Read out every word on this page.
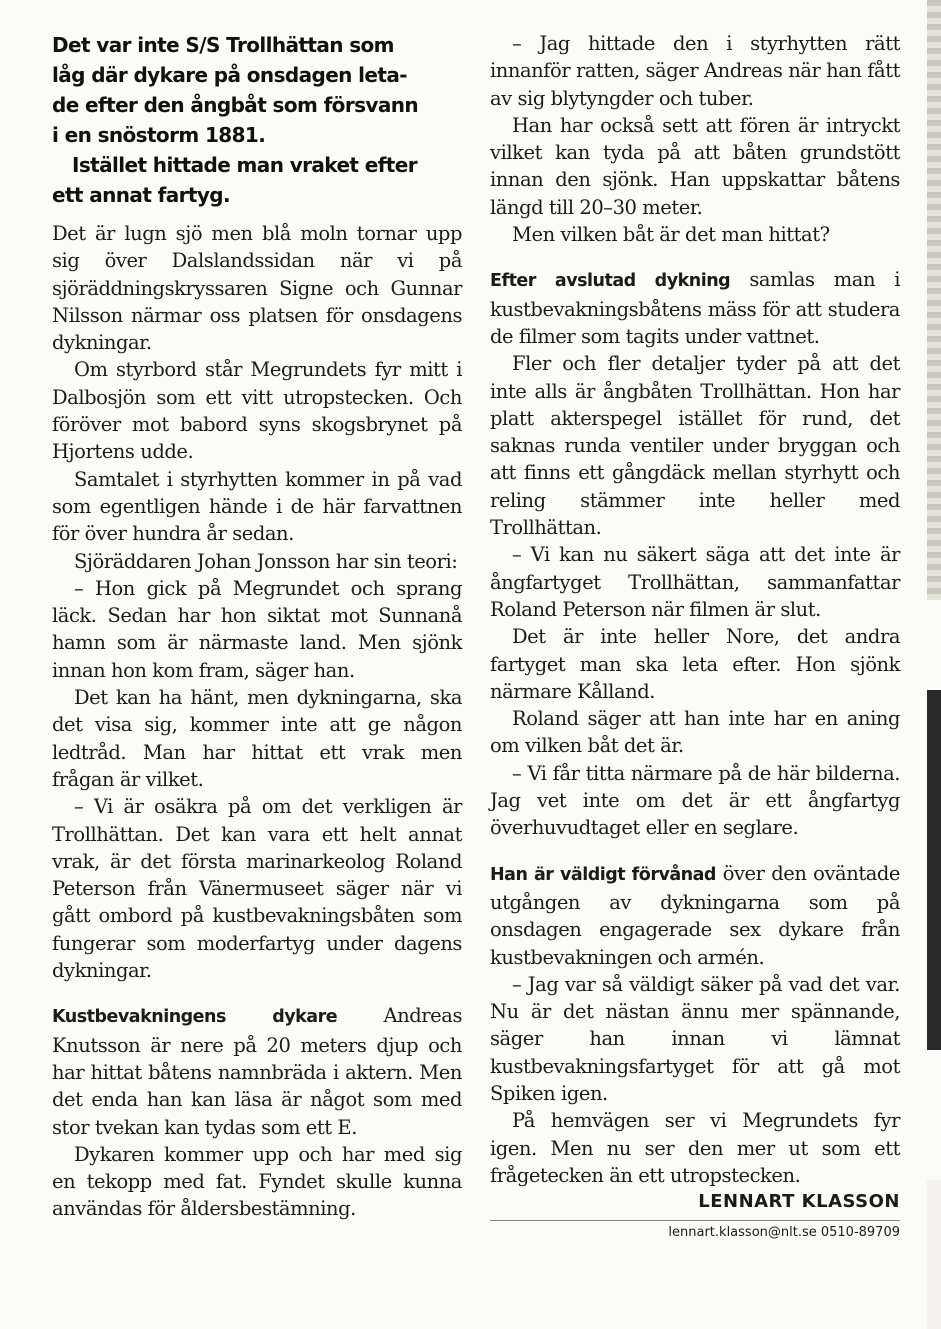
Det var inte S/S Trollhättan som
låg där dykare på onsdagen leta-
de efter den ångbåt som försvann
i en snöstorm 1881.
Istället hittade man vraket efter
ett annat fartyg.

Det är lugn sjö men blå moln tornar upp sig över Dalslandssidan när vi på sjöräddningskryssaren Signe och Gunnar Nilsson närmar oss platsen för onsdagens dykningar.

Om styrbord står Megrundets fyr mitt i Dalbosjön som ett vitt utropstecken. Och föröver mot babord syns skogsbrynet på Hjortens udde.

Samtalet i styrhytten kommer in på vad som egentligen hände i de här farvattnen för över hundra år sedan.

Sjöräddaren Johan Jonsson har sin teori:

– Hon gick på Megrundet och sprang läck. Sedan har hon siktat mot Sunnanå hamn som är närmaste land. Men sjönk innan hon kom fram, säger han.

Det kan ha hänt, men dykningarna, ska det visa sig, kommer inte att ge någon ledtråd. Man har hittat ett vrak men frågan är vilket.

– Vi är osäkra på om det verkligen är Trollhättan. Det kan vara ett helt annat vrak, är det första marinarkeolog Roland Peterson från Vänermuseet säger när vi gått ombord på kustbevakningsbåten som fungerar som moderfartyg under dagens dykningar.

Kustbevakningens dykare Andreas Knutsson är nere på 20 meters djup och har hittat båtens namnbräda i aktern. Men det enda han kan läsa är något som med stor tvekan kan tydas som ett E.

Dykaren kommer upp och har med sig en tekopp med fat. Fyndet skulle kunna användas för åldersbestämning.

– Jag hittade den i styrhytten rätt innanför ratten, säger Andreas när han fått av sig blytyngder och tuber.

Han har också sett att fören är intryckt vilket kan tyda på att båten grundstött innan den sjönk. Han uppskattar båtens längd till 20–30 meter.

Men vilken båt är det man hittat?

Efter avslutad dykning samlas man i kustbevakningsbåtens mäss för att studera de filmer som tagits under vattnet.

Fler och fler detaljer tyder på att det inte alls är ångbåten Trollhättan. Hon har platt akterspegel istället för rund, det saknas runda ventiler under bryggan och att finns ett gångdäck mellan styrhytt och reling stämmer inte heller med Trollhättan.

– Vi kan nu säkert säga att det inte är ångfartyget Trollhättan, sammanfattar Roland Peterson när filmen är slut.

Det är inte heller Nore, det andra fartyget man ska leta efter. Hon sjönk närmare Kålland.

Roland säger att han inte har en aning om vilken båt det är.

– Vi får titta närmare på de här bilderna. Jag vet inte om det är ett ångfartyg överhuvudtaget eller en seglare.

Han är väldigt förvånad över den oväntade utgången av dykningarna som på onsdagen engagerade sex dykare från kustbevakningen och armén.

– Jag var så väldigt säker på vad det var. Nu är det nästan ännu mer spännande, säger han innan vi lämnat kustbevakningsfartyget för att gå mot Spiken igen.

På hemvägen ser vi Megrundets fyr igen. Men nu ser den mer ut som ett frågetecken än ett utropstecken.

LENNART KLASSON
lennart.klasson@nlt.se 0510-89709
